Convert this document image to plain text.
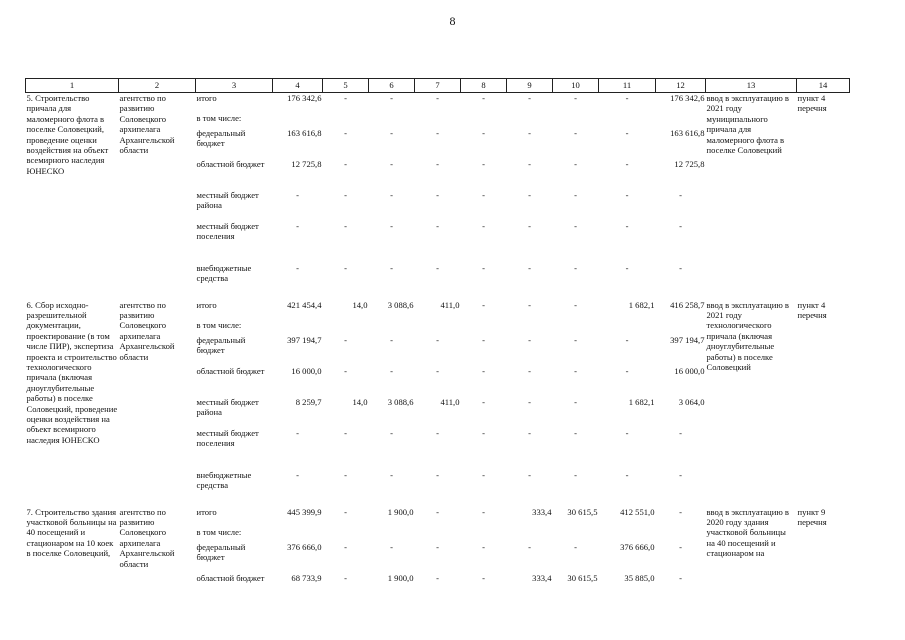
8
1	2	3	4	5	6	7	8	9	10	11	12	13	14
5. Строительство причала для маломерного флота в поселке Соловецкий, проведение оценки воздействия на объект всемирного наследия ЮНЕСКО	агентство по развитию Соловецкого архипелага Архангельской области	итого	176 342,6	-	-	-	-	-	-	-	176 342,6	ввод в эксплуатацию в 2021 году муниципального причала для маломерного флота в поселке Соловецкий	пункт 4 перечня
		в том числе:											
		федеральный бюджет	163 616,8	-	-	-	-	-	-	-	163 616,8		
		областной бюджет	12 725,8	-	-	-	-	-	-	-	12 725,8		
		местный бюджет района	-	-	-	-	-	-	-	-	-		
		местный бюджет поселения	-	-	-	-	-	-	-	-	-		
		внебюджетные средства	-	-	-	-	-	-	-	-	-		
6. Сбор исходно-разрешительной документации, проектирование (в том числе ПИР), экспертиза проекта и строительство технологического причала (включая дноуглубительные работы) в поселке Соловецкий, проведение оценки воздействия на объект всемирного наследия ЮНЕСКО	агентство по развитию Соловецкого архипелага Архангельской области	итого	421 454,4	14,0	3 088,6	411,0	-	-	-	1 682,1	416 258,7	ввод в эксплуатацию в 2021 году технологического причала (включая дноуглубительные работы) в поселке Соловецкий	пункт 4 перечня
		в том числе:											
		федеральный бюджет	397 194,7	-	-	-	-	-	-	-	397 194,7		
		областной бюджет	16 000,0	-	-	-	-	-	-	-	16 000,0		
		местный бюджет района	8 259,7	14,0	3 088,6	411,0	-	-	-	1 682,1	3 064,0		
		местный бюджет поселения	-	-	-	-	-	-	-	-	-		
		внебюджетные средства	-	-	-	-	-	-	-	-	-		
7. Строительство здания участковой больницы на 40 посещений и стационаром на 10 коек в поселке Соловецкий,	агентство по развитию Соловецкого архипелага Архангельской области	итого	445 399,9	-	1 900,0	-	-	333,4	30 615,5	412 551,0	-	ввод в эксплуатацию в 2020 году здания участковой больницы на 40 посещений и стационаром на	пункт 9 перечня
		в том числе:											
		федеральный бюджет	376 666,0	-	-	-	-	-	-	376 666,0	-		
		областной бюджет	68 733,9	-	1 900,0	-	-	333,4	30 615,5	35 885,0	-		
